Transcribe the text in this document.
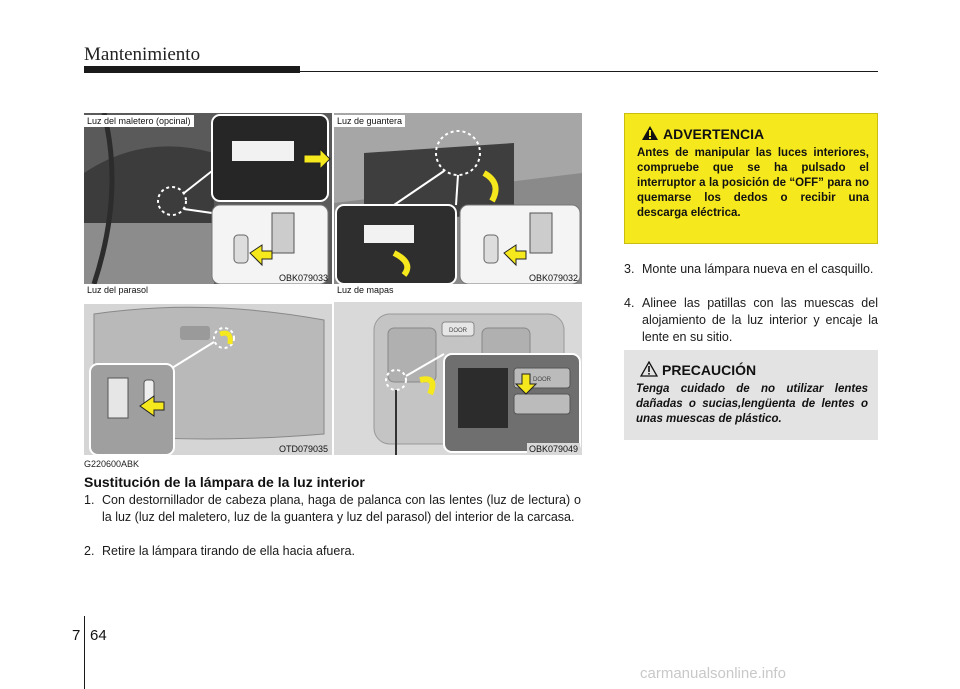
Mantenimiento
Luz del maletero (opcinal)
OBK079033
Luz de guantera
OBK079032
Luz del parasol
OTD079035
DOOR
DOOR
Luz de mapas
OBK079049
G220600ABK
Sustitución de la lámpara de la luz interior
1. Con destornillador de cabeza plana, haga de palanca con las lentes (luz de lectura) o la luz (luz del maletero, luz de la guantera y luz del parasol) del interior de la carcasa.
2. Retire la lámpara tirando de ella hacia afuera.
ADVERTENCIA
Antes de manipular las luces interiores, compruebe que se ha pulsado el interruptor a la posición de “OFF” para no quemarse los dedos o recibir una descarga eléctrica.
3. Monte una lámpara nueva en el casquillo.
4. Alinee las patillas con las muescas del alojamiento de la luz interior y encaje la lente en su sitio.
PRECAUCIÓN
Tenga cuidado de no utilizar lentes dañadas o sucias,lengüenta de lentes o unas muescas de plástico.
7 64
carmanualsonline.info
